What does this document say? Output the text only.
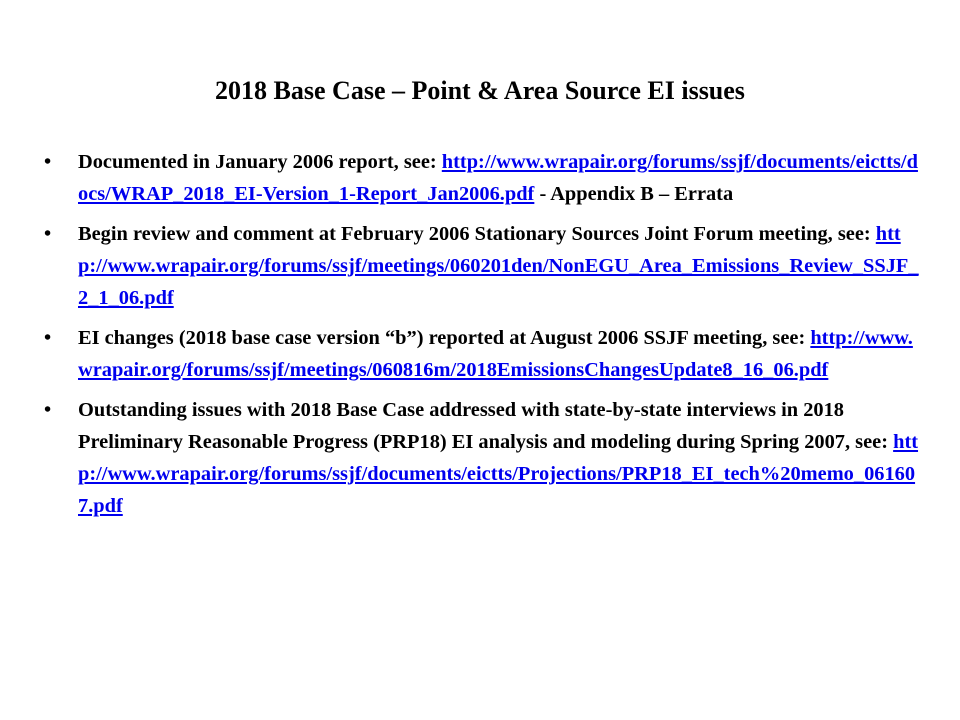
2018 Base Case – Point & Area Source EI issues
• Documented in January 2006 report, see: http://www.wrapair.org/forums/ssjf/documents/eictts/docs/WRAP_2018_EI-Version_1-Report_Jan2006.pdf - Appendix B – Errata
• Begin review and comment at February 2006 Stationary Sources Joint Forum meeting, see: http://www.wrapair.org/forums/ssjf/meetings/060201den/NonEGU_Area_Emissions_Review_SSJF_2_1_06.pdf
• EI changes (2018 base case version “b”) reported at August 2006 SSJF meeting, see: http://www.wrapair.org/forums/ssjf/meetings/060816m/2018EmissionsChangesUpdate8_16_06.pdf
• Outstanding issues with 2018 Base Case addressed with state-by-state interviews in 2018 Preliminary Reasonable Progress (PRP18) EI analysis and modeling during Spring 2007, see: http://www.wrapair.org/forums/ssjf/documents/eictts/Projections/PRP18_EI_tech%20memo_061607.pdf
